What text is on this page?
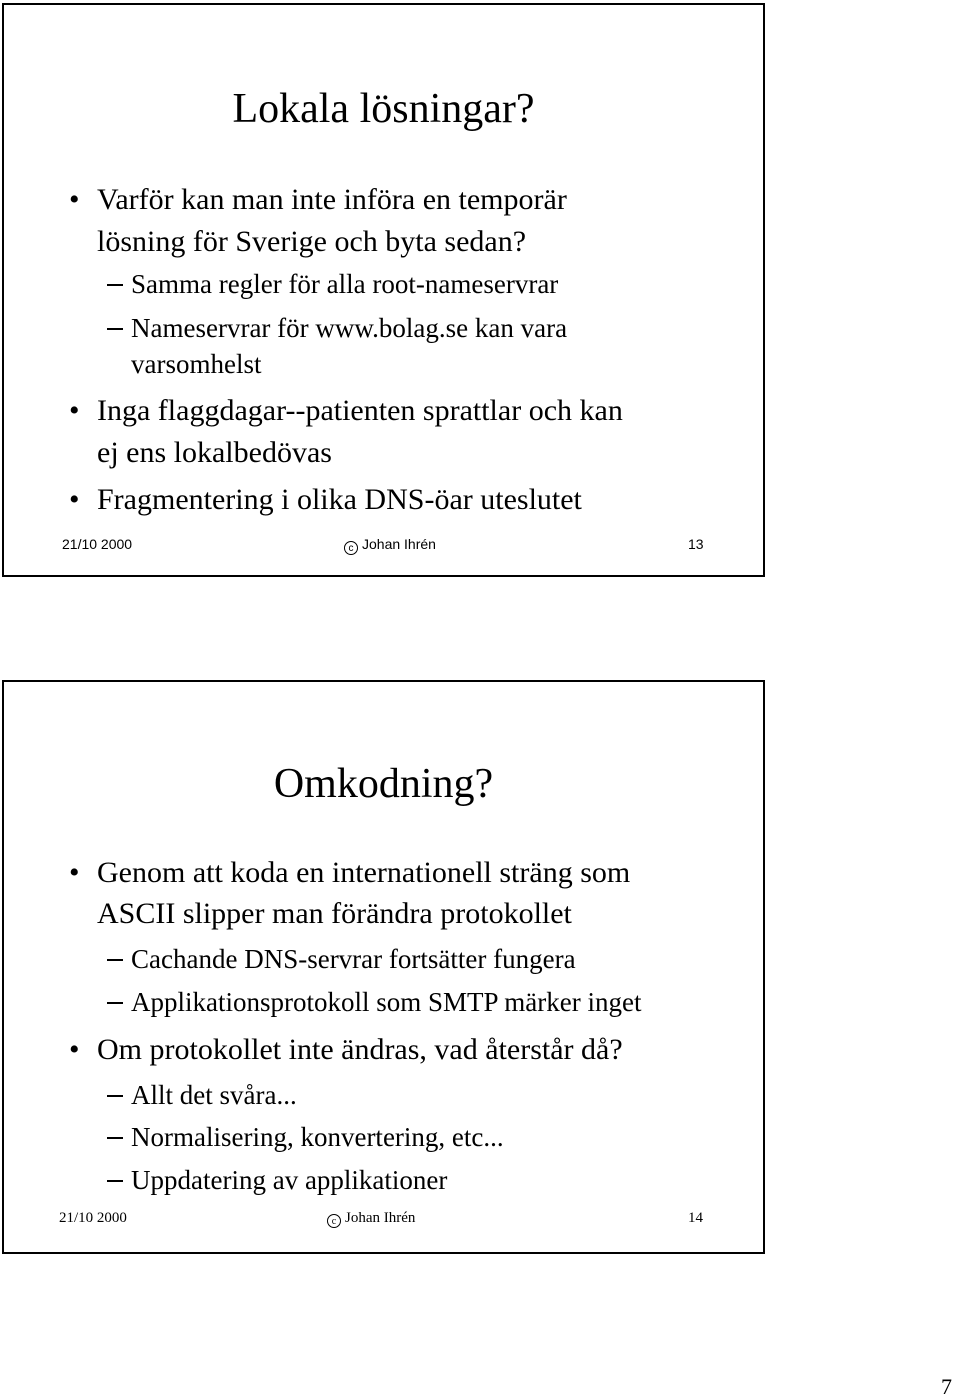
Lokala lösningar?
• Varför kan man inte införa en temporär
lösning för Sverige och byta sedan?
Samma regler för alla root-nameservrar
Nameservrar för www.bolag.se kan vara
varsomhelst
• Inga flaggdagar--patienten sprattlar och kan
ej ens lokalbedövas
• Fragmentering i olika DNS-öar uteslutet
21/10 2000	c Johan Ihrén	13
Omkodning?
• Genom att koda en internationell sträng som
ASCII slipper man förändra protokollet
Cachande DNS-servrar fortsätter fungera
Applikationsprotokoll som SMTP märker inget
• Om protokollet inte ändras, vad återstår då?
Allt det svåra...
Normalisering, konvertering, etc...
Uppdatering av applikationer
21/10 2000	c Johan Ihrén	14
7
